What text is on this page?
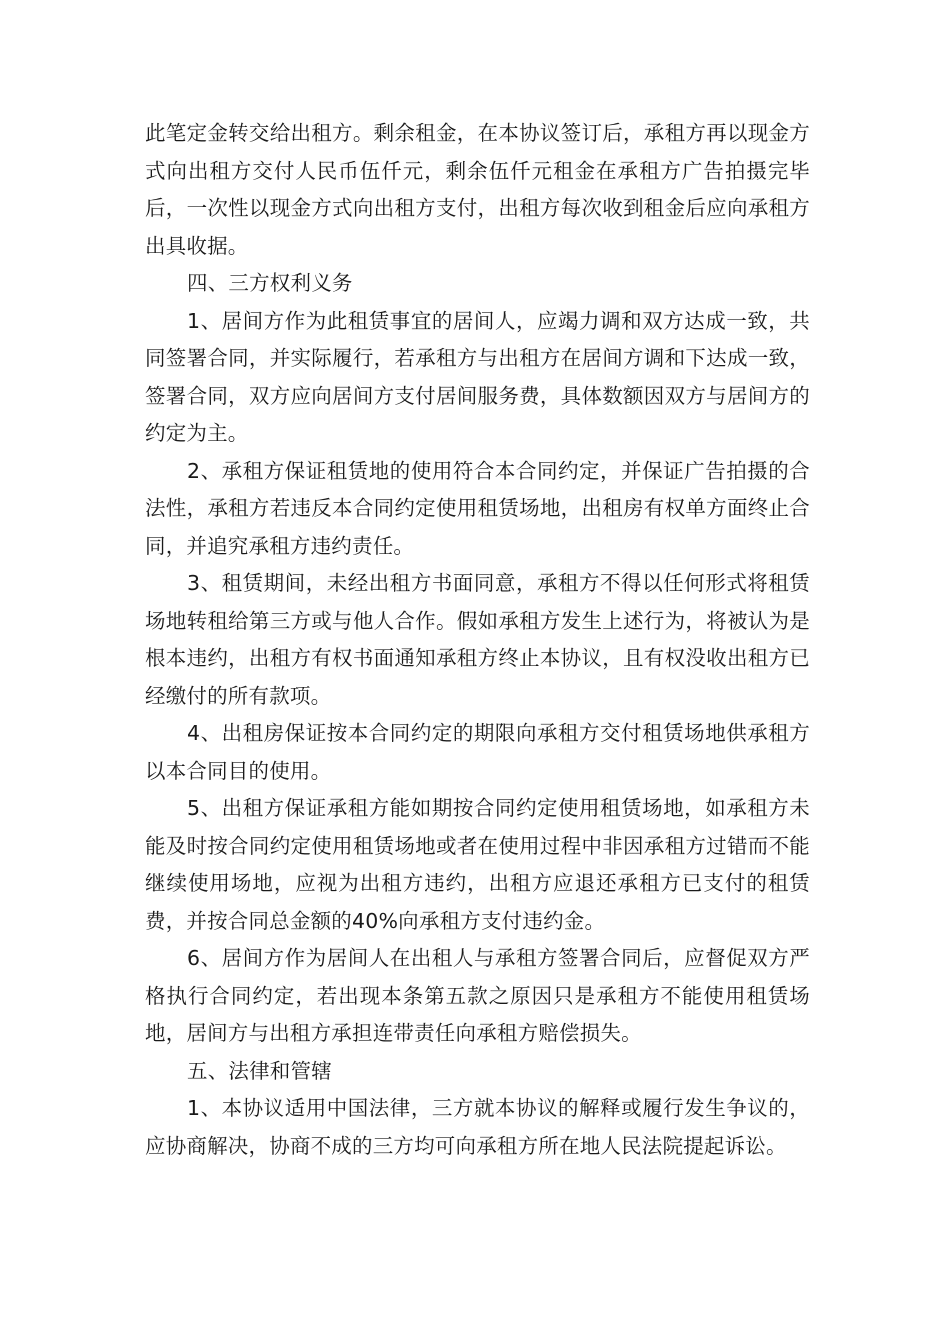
此笔定金转交给出租方。剩余租金，在本协议签订后，承租方再以现金方式向出租方交付人民币伍仟元，剩余伍仟元租金在承租方广告拍摄完毕后，一次性以现金方式向出租方支付，出租方每次收到租金后应向承租方出具收据。

四、三方权利义务

1、居间方作为此租赁事宜的居间人，应竭力调和双方达成一致，共同签署合同，并实际履行，若承租方与出租方在居间方调和下达成一致，签署合同，双方应向居间方支付居间服务费，具体数额因双方与居间方的约定为主。

2、承租方保证租赁地的使用符合本合同约定，并保证广告拍摄的合法性，承租方若违反本合同约定使用租赁场地，出租房有权单方面终止合同，并追究承租方违约责任。

3、租赁期间，未经出租方书面同意，承租方不得以任何形式将租赁场地转租给第三方或与他人合作。假如承租方发生上述行为，将被认为是根本违约，出租方有权书面通知承租方终止本协议，且有权没收出租方已经缴付的所有款项。

4、出租房保证按本合同约定的期限向承租方交付租赁场地供承租方以本合同目的使用。

5、出租方保证承租方能如期按合同约定使用租赁场地，如承租方未能及时按合同约定使用租赁场地或者在使用过程中非因承租方过错而不能继续使用场地，应视为出租方违约，出租方应退还承租方已支付的租赁费，并按合同总金额的40%向承租方支付违约金。

6、居间方作为居间人在出租人与承租方签署合同后，应督促双方严格执行合同约定，若出现本条第五款之原因只是承租方不能使用租赁场地，居间方与出租方承担连带责任向承租方赔偿损失。

五、法律和管辖

1、本协议适用中国法律，三方就本协议的解释或履行发生争议的，应协商解决，协商不成的三方均可向承租方所在地人民法院提起诉讼。
